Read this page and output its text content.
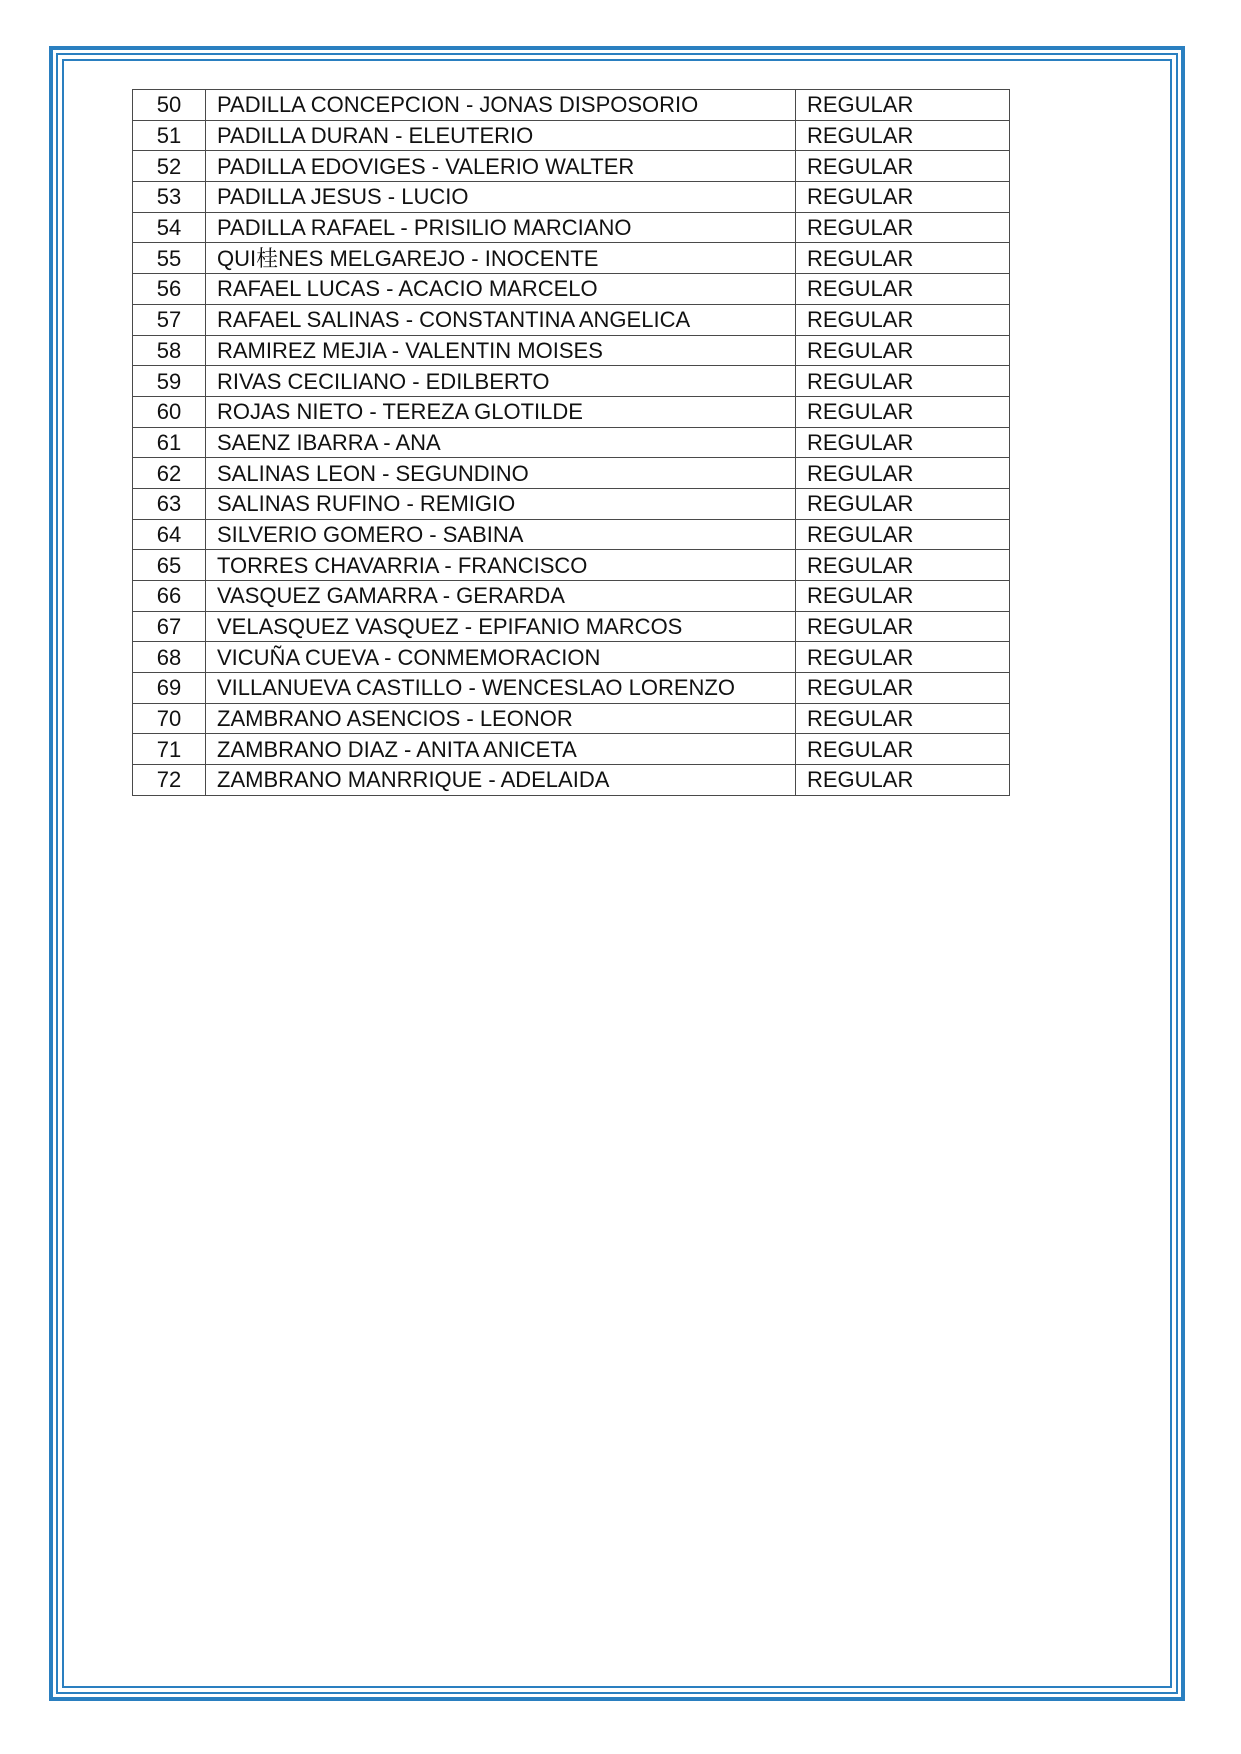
50	PADILLA CONCEPCION - JONAS DISPOSORIO	REGULAR
51	PADILLA DURAN - ELEUTERIO	REGULAR
52	PADILLA EDOVIGES - VALERIO WALTER	REGULAR
53	PADILLA JESUS - LUCIO	REGULAR
54	PADILLA RAFAEL - PRISILIO MARCIANO	REGULAR
55	QUI桂NES MELGAREJO - INOCENTE	REGULAR
56	RAFAEL LUCAS - ACACIO MARCELO	REGULAR
57	RAFAEL SALINAS - CONSTANTINA ANGELICA	REGULAR
58	RAMIREZ MEJIA - VALENTIN MOISES	REGULAR
59	RIVAS CECILIANO - EDILBERTO	REGULAR
60	ROJAS NIETO - TEREZA GLOTILDE	REGULAR
61	SAENZ IBARRA - ANA	REGULAR
62	SALINAS LEON - SEGUNDINO	REGULAR
63	SALINAS RUFINO - REMIGIO	REGULAR
64	SILVERIO GOMERO - SABINA	REGULAR
65	TORRES CHAVARRIA - FRANCISCO	REGULAR
66	VASQUEZ GAMARRA - GERARDA	REGULAR
67	VELASQUEZ VASQUEZ - EPIFANIO MARCOS	REGULAR
68	VICUÑA CUEVA - CONMEMORACION	REGULAR
69	VILLANUEVA CASTILLO - WENCESLAO LORENZO	REGULAR
70	ZAMBRANO ASENCIOS - LEONOR	REGULAR
71	ZAMBRANO DIAZ - ANITA ANICETA	REGULAR
72	ZAMBRANO MANRRIQUE - ADELAIDA	REGULAR
